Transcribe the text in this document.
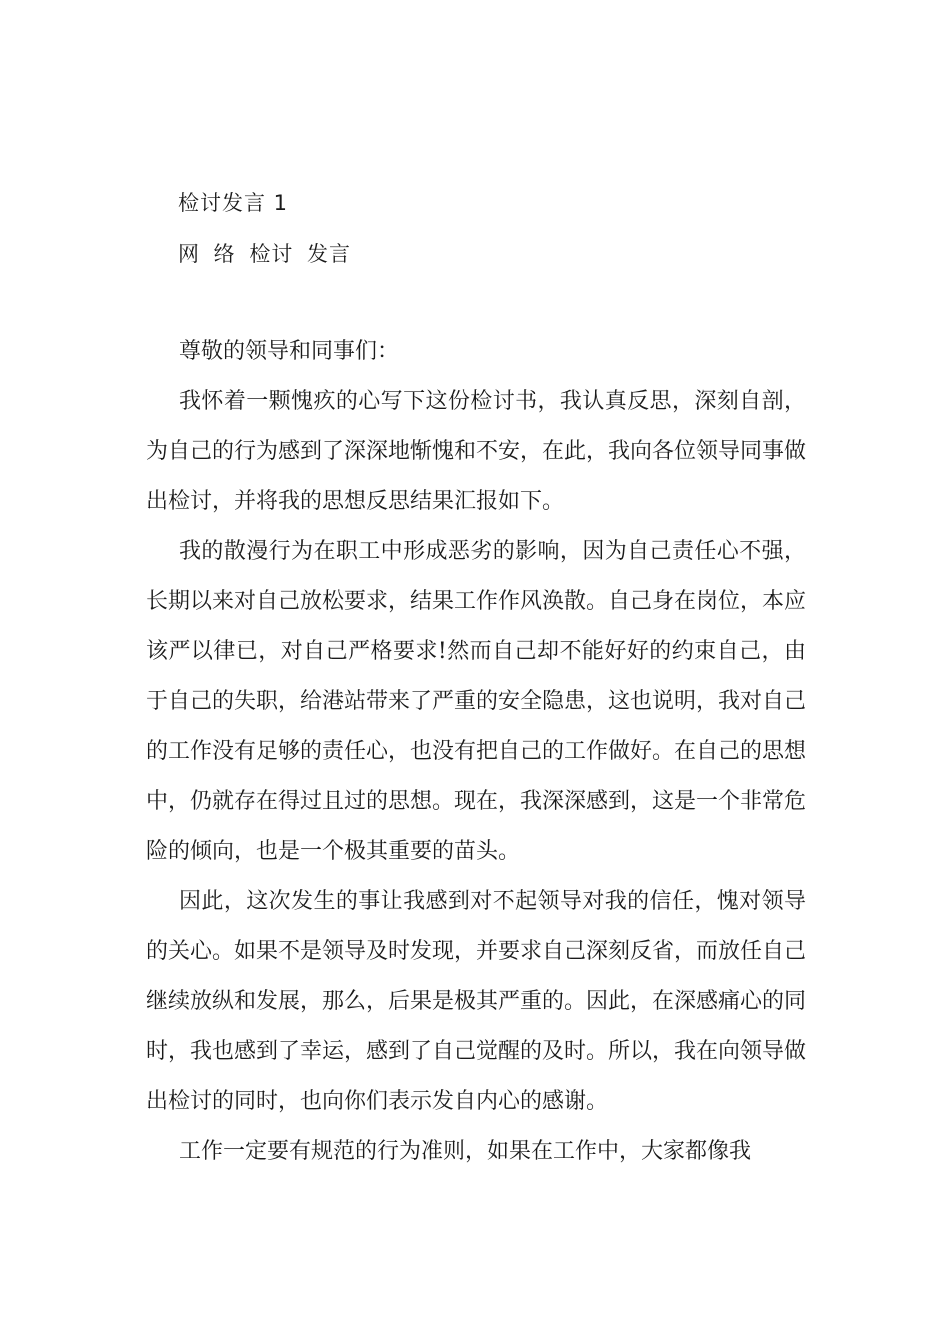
检讨发言 1
网 络 检讨 发言

尊敬的领导和同事们：

我怀着一颗愧疚的心写下这份检讨书，我认真反思，深刻自剖，为自己的行为感到了深深地惭愧和不安，在此，我向各位领导同事做出检讨，并将我的思想反思结果汇报如下。

我的散漫行为在职工中形成恶劣的影响，因为自己责任心不强，长期以来对自己放松要求，结果工作作风涣散。自己身在岗位，本应该严以律已，对自己严格要求!然而自己却不能好好的约束自己，由于自己的失职，给港站带来了严重的安全隐患，这也说明，我对自己的工作没有足够的责任心，也没有把自己的工作做好。在自己的思想中，仍就存在得过且过的思想。现在，我深深感到，这是一个非常危险的倾向，也是一个极其重要的苗头。

因此，这次发生的事让我感到对不起领导对我的信任，愧对领导的关心。如果不是领导及时发现，并要求自己深刻反省，而放任自己继续放纵和发展，那么，后果是极其严重的。因此，在深感痛心的同时，我也感到了幸运，感到了自己觉醒的及时。所以，我在向领导做出检讨的同时，也向你们表示发自内心的感谢。

工作一定要有规范的行为准则，如果在工作中，大家都像我
